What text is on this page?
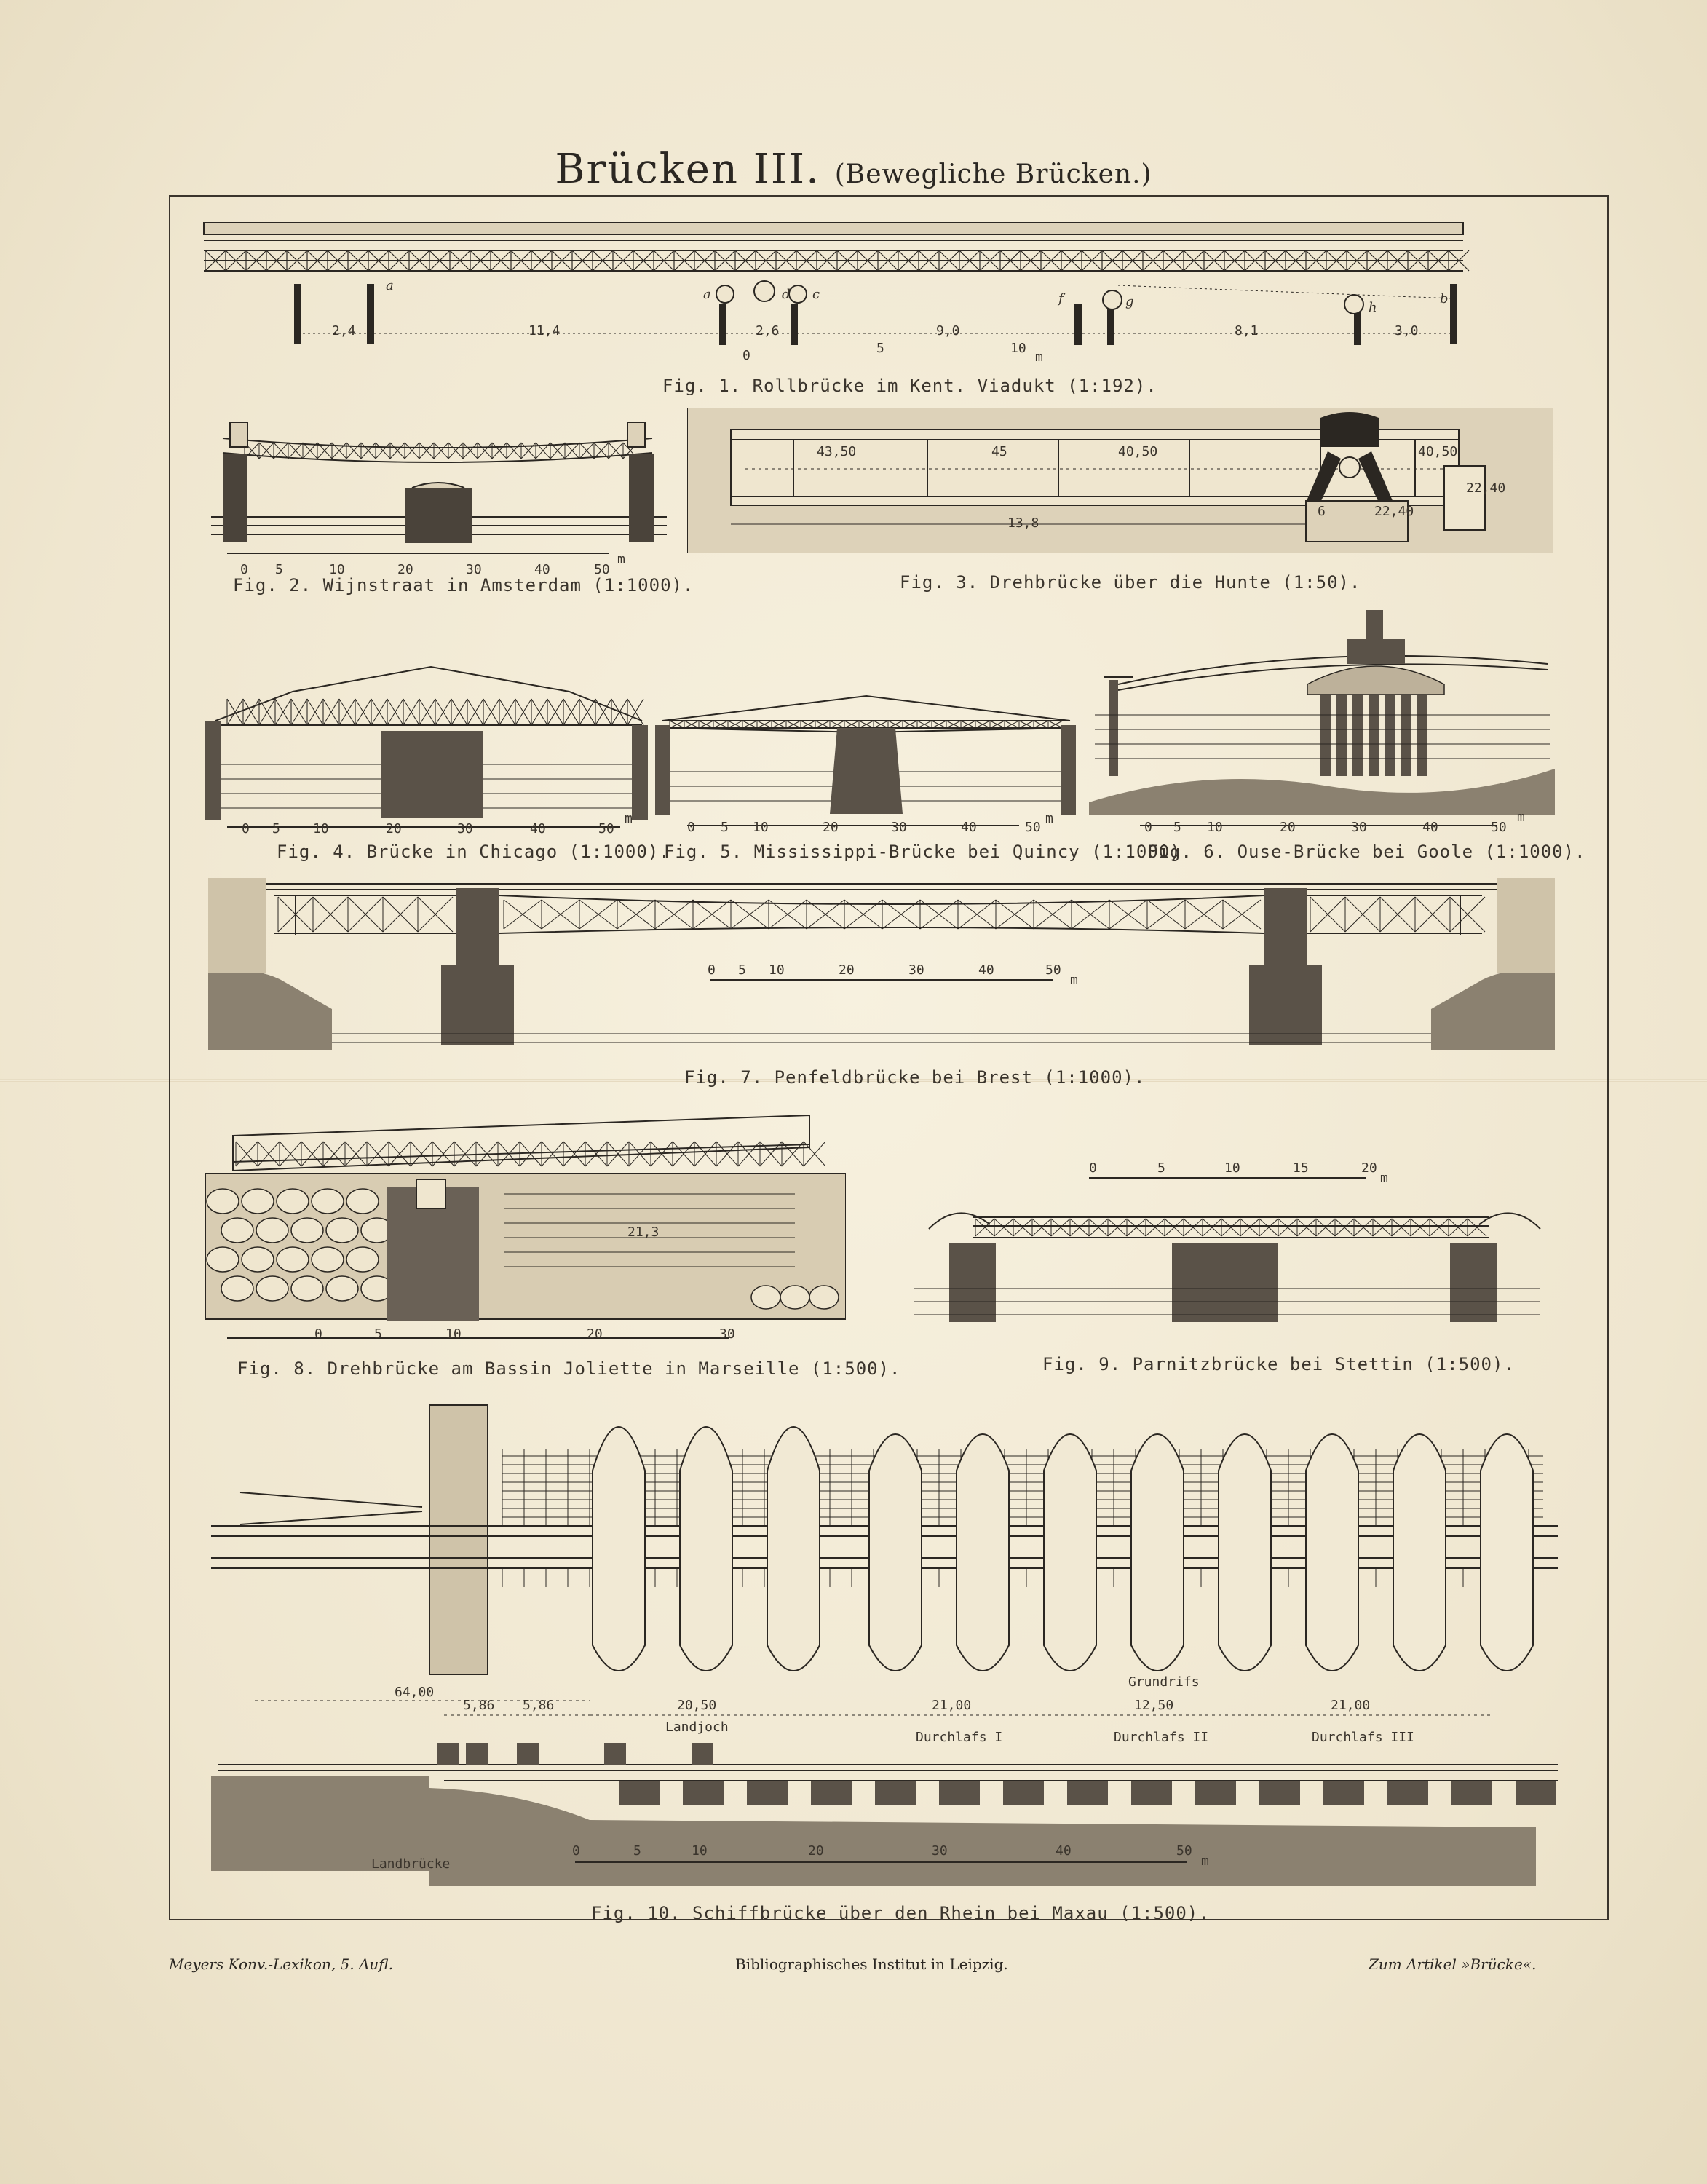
Brücken III. (Bewegliche Brücken.)
2,4	11,4	2,6	9,0	8,1	3,0
a
a	d c	f	g	h
b
0	5	10
m
Fig. 1. Rollbrücke im Kent. Viadukt (1:192).
0 5	10	20	30	40	50
m
Fig. 2. Wijnstraat in Amsterdam (1:1000).
43,50	45	40,50	40,50
13,8
22,40
22,40
6
Fig. 3. Drehbrücke über die Hunte (1:50).
0 5	10	20	30	40	50
m
Fig. 4. Brücke in Chicago (1:1000).
0 5 10	20	30	40	50
m
Fig. 5. Mississippi-Brücke bei Quincy (1:1000).
0 5 10	20	30	40	50
m
Fig. 6. Ouse-Brücke bei Goole (1:1000).
0 5 10	20	30	40	50
m
Fig. 7. Penfeldbrücke bei Brest (1:1000).
21,3
0	5	10	20	30
Fig. 8. Drehbrücke am Bassin Joliette in Marseille (1:500).
0	5	10	15	20
m
Fig. 9. Parnitzbrücke bei Stettin (1:500).
Grundrifs
Landjoch
Landbrücke
Durchlafs I	Durchlafs II	Durchlafs III
64,00
5,86 5,86	20,50	21,00	12,50	21,00
0	5	10	20	30	40	50
m
Fig. 10. Schiffbrücke über den Rhein bei Maxau (1:500).
Meyers Konv.-Lexikon, 5. Aufl.	Bibliographisches Institut in Leipzig.	Zum Artikel »Brücke«.
